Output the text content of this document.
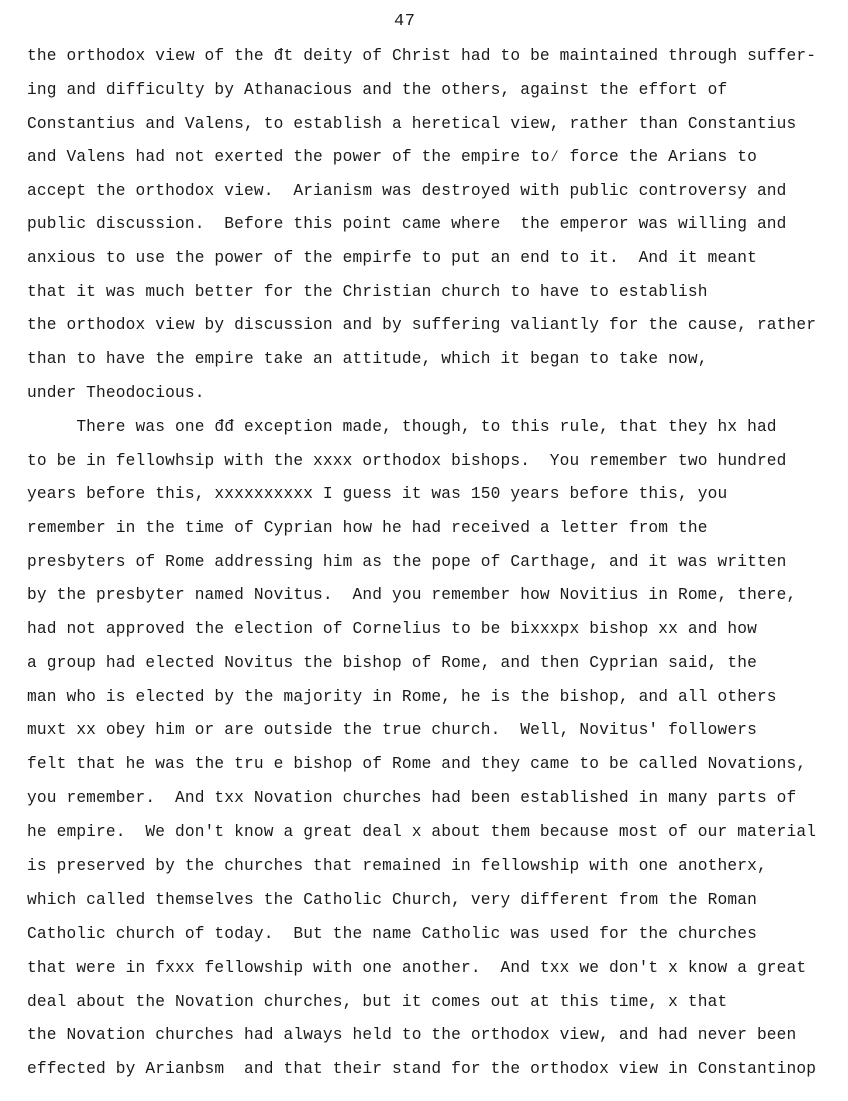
47
the orthodox view of the đt deity of Christ had to be maintained through suffer-
ing and difficulty by Athanacious and the others, against the effort of
Constantius and Valens, to establish a heretical view, rather than Constantius
and Valens had not exerted the power of the empire to∕ force the Arians to
accept the orthodox view.  Arianism was destroyed with public controversy and
public discussion.  Before this point came where  the emperor was willing and
anxious to use the power of the empirfe to put an end to it.  And it meant
that it was much better for the Christian church to have to establish
the orthodox view by discussion and by suffering valiantly for the cause, rather
than to have the empire take an attitude, which it began to take now,
under Theodocious.
There was one đđ exception made, though, to this rule, that they hx had
to be in fellowhsip with the xxxx orthodox bishops.  You remember two hundred
years before this, xxxxxxxxxx I guess it was 150 years before this, you
remember in the time of Cyprian how he had received a letter from the
presbyters of Rome addressing him as the pope of Carthage, and it was written
by the presbyter named Novitus.  And you remember how Novitius in Rome, there,
had not approved the election of Cornelius to be bixxxpx bishop xx and how
a group had elected Novitus the bishop of Rome, and then Cyprian said, the
man who is elected by the majority in Rome, he is the bishop, and all others
muxt xx obey him or are outside the true church.  Well, Novitus' followers
felt that he was the tru e bishop of Rome and they came to be called Novations,
you remember.  And txx Novation churches had been established in many parts of
he empire.  We don't know a great deal x about them because most of our material
is preserved by the churches that remained in fellowship with one anotherx,
which called themselves the Catholic Church, very different from the Roman
Catholic church of today.  But the name Catholic was used for the churches
that were in fxxx fellowship with one another.  And txx we don't x know a great
deal about the Novation churches, but it comes out at this time, x that
the Novation churches had always held to the orthodox view, and had never been
effected by Arianbsm  and that their stand for the orthodox view in Constantinop
